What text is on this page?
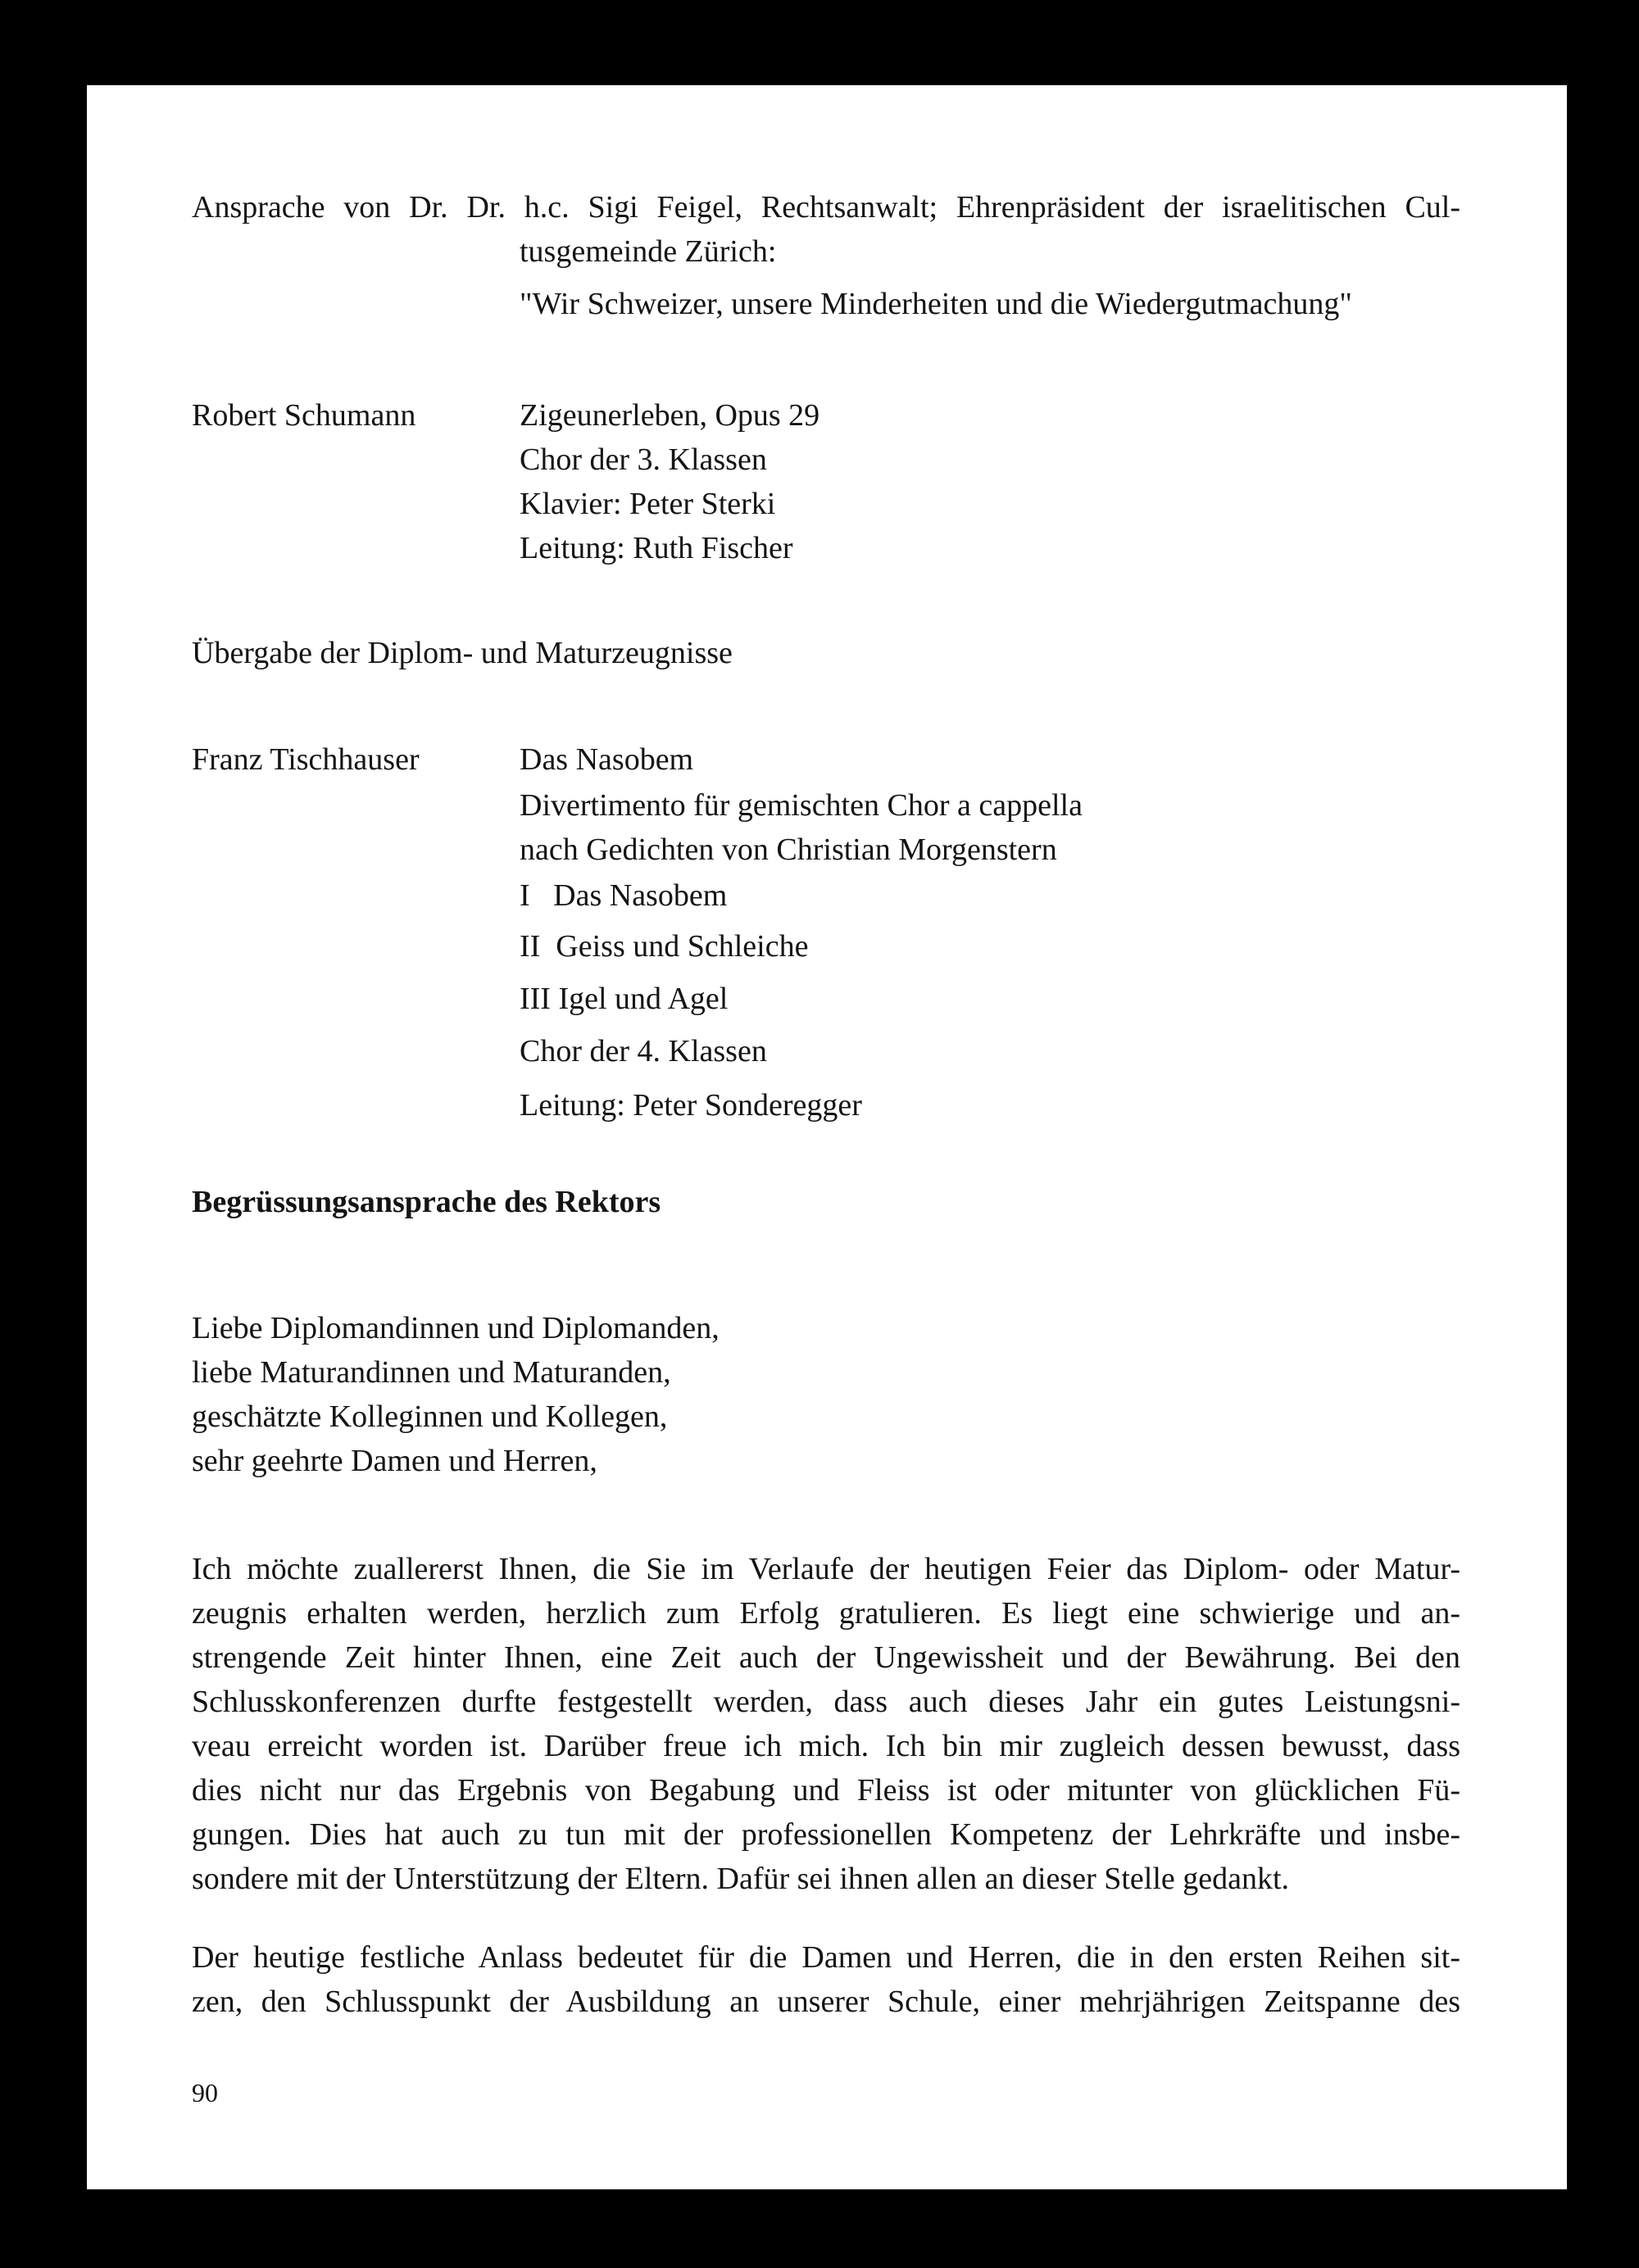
Ansprache von Dr. Dr. h.c. Sigi Feigel, Rechtsanwalt; Ehrenpräsident der israelitischen Cul-
tusgemeinde Zürich:
"Wir Schweizer, unsere Minderheiten und die Wiedergutmachung"
Robert Schumann	Zigeunerleben, Opus 29
Chor der 3. Klassen
Klavier: Peter Sterki
Leitung: Ruth Fischer
Übergabe der Diplom- und Maturzeugnisse
Franz Tischhauser	Das Nasobem
Divertimento für gemischten Chor a cappella
nach Gedichten von Christian Morgenstern
I   Das Nasobem
II  Geiss und Schleiche
III Igel und Agel
Chor der 4. Klassen
Leitung: Peter Sonderegger
Begrüssungsansprache des Rektors
Liebe Diplomandinnen und Diplomanden,
liebe Maturandinnen und Maturanden,
geschätzte Kolleginnen und Kollegen,
sehr geehrte Damen und Herren,
Ich möchte zuallererst Ihnen, die Sie im Verlaufe der heutigen Feier das Diplom- oder Matur-
zeugnis erhalten werden, herzlich zum Erfolg gratulieren. Es liegt eine schwierige und an-
strengende Zeit hinter Ihnen, eine Zeit auch der Ungewissheit und der Bewährung. Bei den
Schlusskonferenzen durfte festgestellt werden, dass auch dieses Jahr ein gutes Leistungsni-
veau erreicht worden ist. Darüber freue ich mich. Ich bin mir zugleich dessen bewusst, dass
dies nicht nur das Ergebnis von Begabung und Fleiss ist oder mitunter von glücklichen Fü-
gungen. Dies hat auch zu tun mit der professionellen Kompetenz der Lehrkräfte und insbe-
sondere mit der Unterstützung der Eltern. Dafür sei ihnen allen an dieser Stelle gedankt.
Der heutige festliche Anlass bedeutet für die Damen und Herren, die in den ersten Reihen sit-
zen, den Schlusspunkt der Ausbildung an unserer Schule, einer mehrjährigen Zeitspanne des
90
